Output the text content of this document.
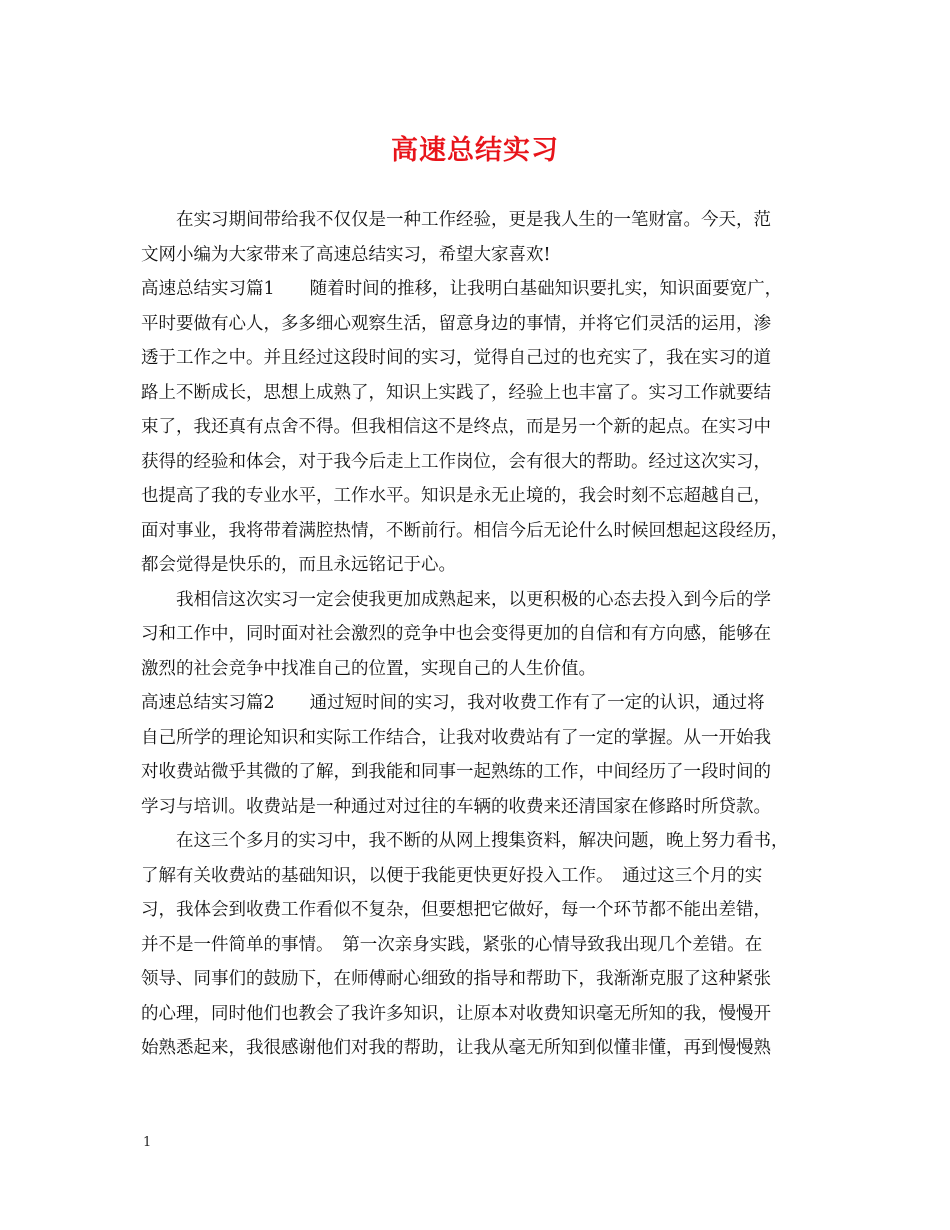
高速总结实习
在实习期间带给我不仅仅是一种工作经验，更是我人生的一笔财富。今天，范
文网小编为大家带来了高速总结实习，希望大家喜欢!
高速总结实习篇1　　随着时间的推移，让我明白基础知识要扎实，知识面要宽广，
平时要做有心人，多多细心观察生活，留意身边的事情，并将它们灵活的运用，渗
透于工作之中。并且经过这段时间的实习，觉得自己过的也充实了，我在实习的道
路上不断成长，思想上成熟了，知识上实践了，经验上也丰富了。实习工作就要结
束了，我还真有点舍不得。但我相信这不是终点，而是另一个新的起点。在实习中
获得的经验和体会，对于我今后走上工作岗位，会有很大的帮助。经过这次实习，
也提高了我的专业水平，工作水平。知识是永无止境的，我会时刻不忘超越自己，
面对事业，我将带着满腔热情，不断前行。相信今后无论什么时候回想起这段经历，
都会觉得是快乐的，而且永远铭记于心。
我相信这次实习一定会使我更加成熟起来，以更积极的心态去投入到今后的学
习和工作中，同时面对社会激烈的竞争中也会变得更加的自信和有方向感，能够在
激烈的社会竞争中找准自己的位置，实现自己的人生价值。
高速总结实习篇2　　通过短时间的实习，我对收费工作有了一定的认识，通过将
自己所学的理论知识和实际工作结合，让我对收费站有了一定的掌握。从一开始我
对收费站微乎其微的了解，到我能和同事一起熟练的工作，中间经历了一段时间的
学习与培训。收费站是一种通过对过往的车辆的收费来还清国家在修路时所贷款。
在这三个多月的实习中，我不断的从网上搜集资料，解决问题，晚上努力看书，
了解有关收费站的基础知识，以便于我能更快更好投入工作。　通过这三个月的实
习，我体会到收费工作看似不复杂，但要想把它做好，每一个环节都不能出差错，
并不是一件简单的事情。　第一次亲身实践，紧张的心情导致我出现几个差错。在
领导、同事们的鼓励下，在师傅耐心细致的指导和帮助下，我渐渐克服了这种紧张
的心理，同时他们也教会了我许多知识，让原本对收费知识毫无所知的我，慢慢开
始熟悉起来，我很感谢他们对我的帮助，让我从毫无所知到似懂非懂，再到慢慢熟
1
